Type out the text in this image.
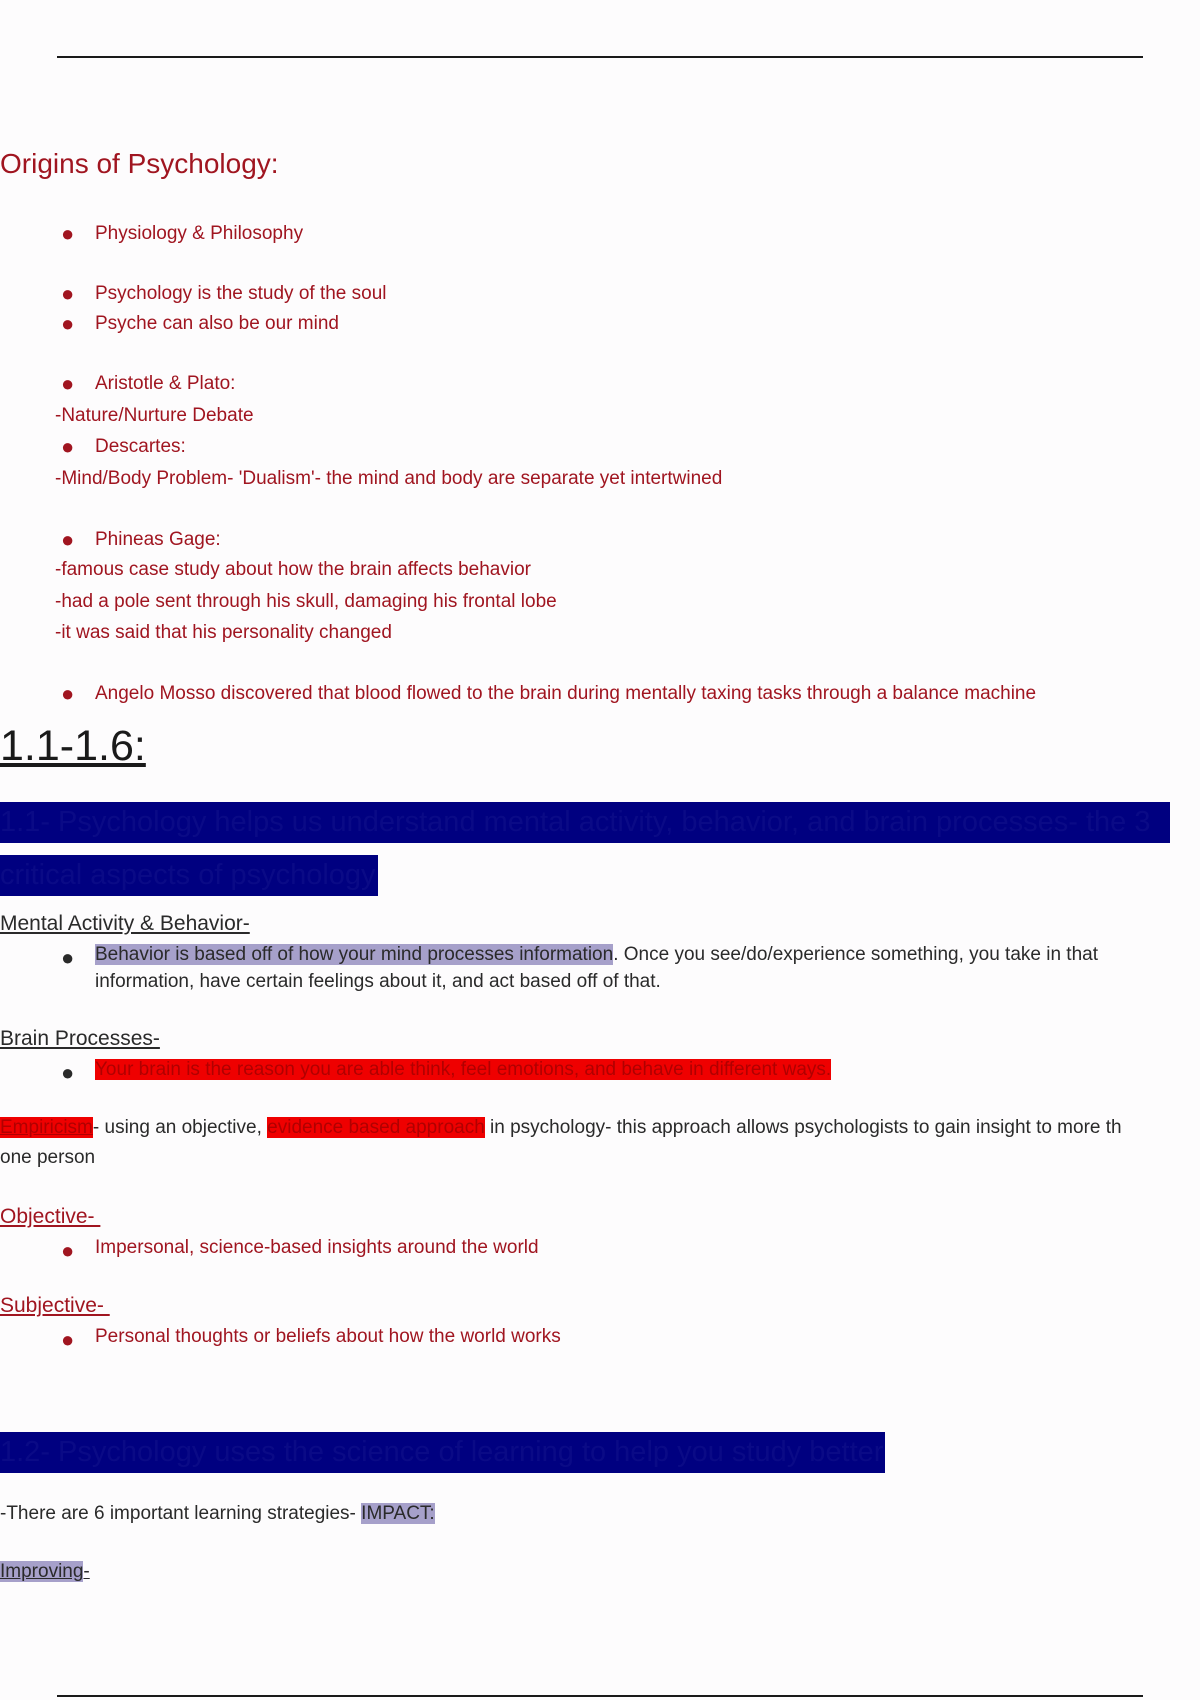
Origins of Psychology:
● Physiology & Philosophy
● Psychology is the study of the soul
● Psyche can also be our mind
● Aristotle & Plato:
-Nature/Nurture Debate
● Descartes:
-Mind/Body Problem- 'Dualism'- the mind and body are separate yet intertwined
● Phineas Gage:
-famous case study about how the brain affects behavior
-had a pole sent through his skull, damaging his frontal lobe
-it was said that his personality changed
● Angelo Mosso discovered that blood flowed to the brain during mentally taxing tasks through a balance machine
1.1-1.6:
1.1- Psychology helps us understand mental activity, behavior, and brain processes- the 3
critical aspects of psychology
Mental Activity & Behavior-
● Behavior is based off of how your mind processes information. Once you see/do/experience something, you take in that
information, have certain feelings about it, and act based off of that.
Brain Processes-
● Your brain is the reason you are able think, feel emotions, and behave in different ways.
Empiricism- using an objective, evidence based approach in psychology- this approach allows psychologists to gain insight to more th
one person
Objective-
● Impersonal, science-based insights around the world
Subjective-
● Personal thoughts or beliefs about how the world works
1.2- Psychology uses the science of learning to help you study better
-There are 6 important learning strategies- IMPACT:
Improving-
